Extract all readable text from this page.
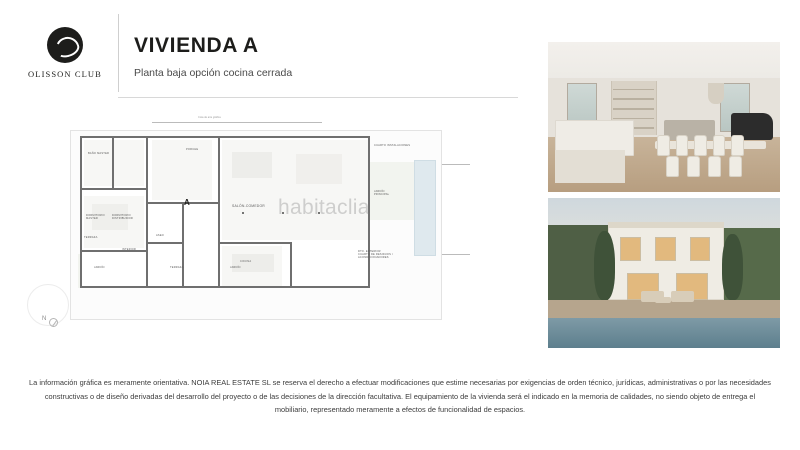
OLISSON CLUB
VIVIENDA A

Planta baja opción cocina cerrada

Cota de aire gráfica
BAÑO MASTER
PORCHE
SALÓN-COMEDOR
COCINA
ASEO
INTERIOR
DORMITORIO
DISTRIBUIDOR
DORMITORIO
MASTER
TERRAZA
JARDÍN	TERRAZA	JARDÍN
JARDÍN
PRINCIPAL
CUARTO INSTALACIONES
DTO. EXTERIOR
CUARTO DE RESIDUOS /
ACONDICIONADORES
A
N
habitaclia
La información gráfica es meramente orientativa. NOIA REAL ESTATE SL se reserva el derecho a efectuar modificaciones que estime necesarias por exigencias de orden técnico, jurídicas, administrativas o por las necesidades
constructivas o de diseño derivadas del desarrollo del proyecto o de las decisiones de la dirección facultativa. El equipamiento de la vivienda será el indicado en la memoria de calidades, no siendo objeto de entrega el
mobiliario, representado meramente a efectos de funcionalidad de espacios.
